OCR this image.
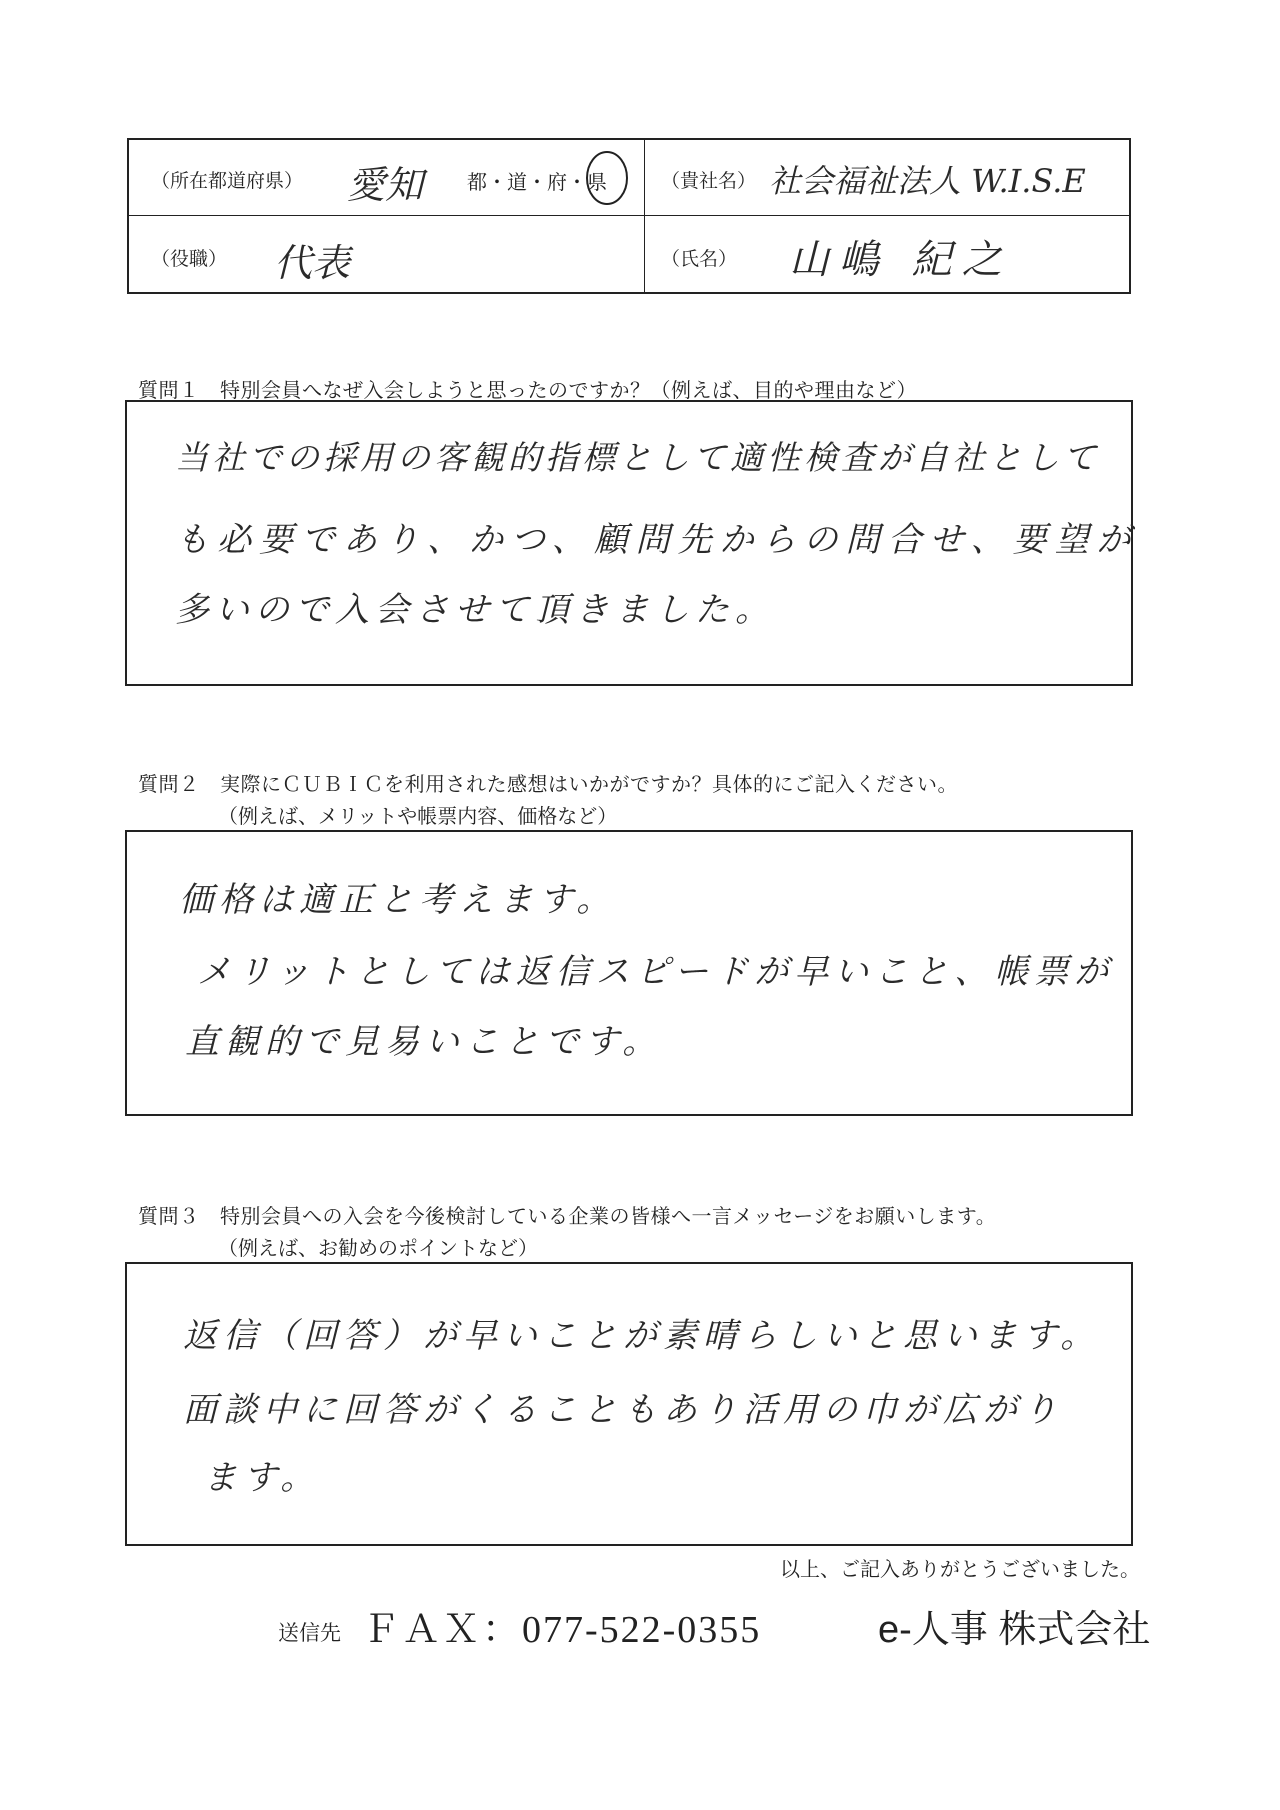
（所在都道府県） 愛知 都・道・府・県	（貴社名） 社会福祉法人 W.I.S.E
（役職） 代表	（氏名） 山嶋 紀之
質問１　特別会員へなぜ入会しようと思ったのですか？（例えば、目的や理由など）
当社での採用の客観的指標として適性検査が自社として
も必要であり、かつ、顧問先からの問合せ、要望が
多いので入会させて頂きました。
質問２　実際にＣＵＢＩＣを利用された感想はいかがですか？具体的にご記入ください。
（例えば、メリットや帳票内容、価格など）
価格は適正と考えます。
メリットとしては返信スピードが早いこと、帳票が
直観的で見易いことです。
質問３　特別会員への入会を今後検討している企業の皆様へ一言メッセージをお願いします。
（例えば、お勧めのポイントなど）
返信（回答）が早いことが素晴らしいと思います。
面談中に回答がくることもあり活用の巾が広がり
ます。
以上、ご記入ありがとうございました。
送信先 ＦＡＸ：077-522-0355	e-人事 株式会社
